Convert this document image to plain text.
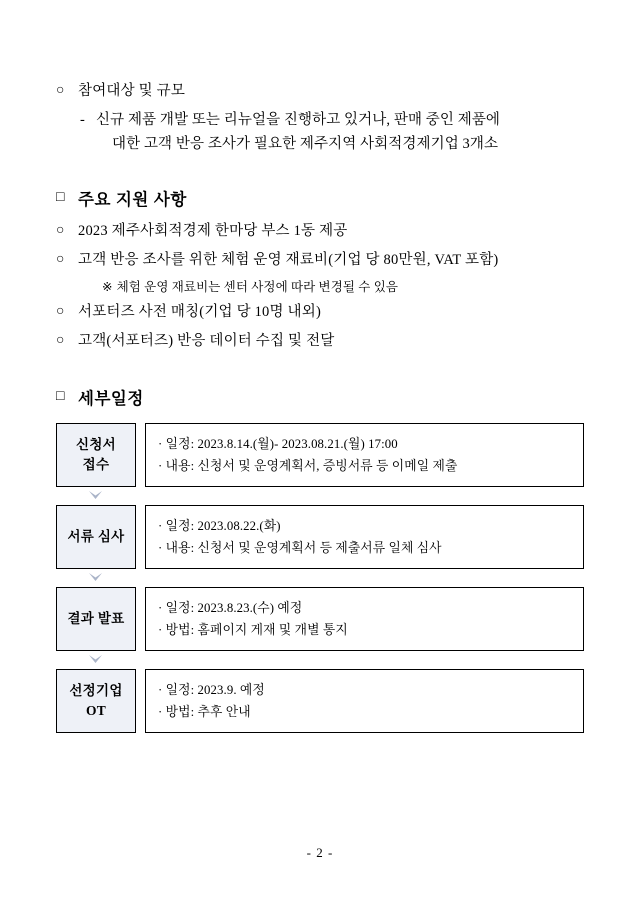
○ 참여대상 및 규모
- 신규 제품 개발 또는 리뉴얼을 진행하고 있거나, 판매 중인 제품에
대한 고객 반응 조사가 필요한 제주지역 사회적경제기업 3개소
□ 주요 지원 사항
○ 2023 제주사회적경제 한마당 부스 1동 제공
○ 고객 반응 조사를 위한 체험 운영 재료비(기업 당 80만원, VAT 포함)
※ 체험 운영 재료비는 센터 사정에 따라 변경될 수 있음
○ 서포터즈 사전 매칭(기업 당 10명 내외)
○ 고객(서포터즈) 반응 데이터 수집 및 전달
□ 세부일정
신청서
접수
· 일정: 2023.8.14.(월)- 2023.08.21.(월) 17:00
· 내용: 신청서 및 운영계획서, 증빙서류 등 이메일 제출
서류 심사
· 일정: 2023.08.22.(화)
· 내용: 신청서 및 운영계획서 등 제출서류 일체 심사
결과 발표
· 일정: 2023.8.23.(수) 예정
· 방법: 홈페이지 게재 및 개별 통지
선정기업
OT
· 일정: 2023.9. 예정
· 방법: 추후 안내
- 2 -
